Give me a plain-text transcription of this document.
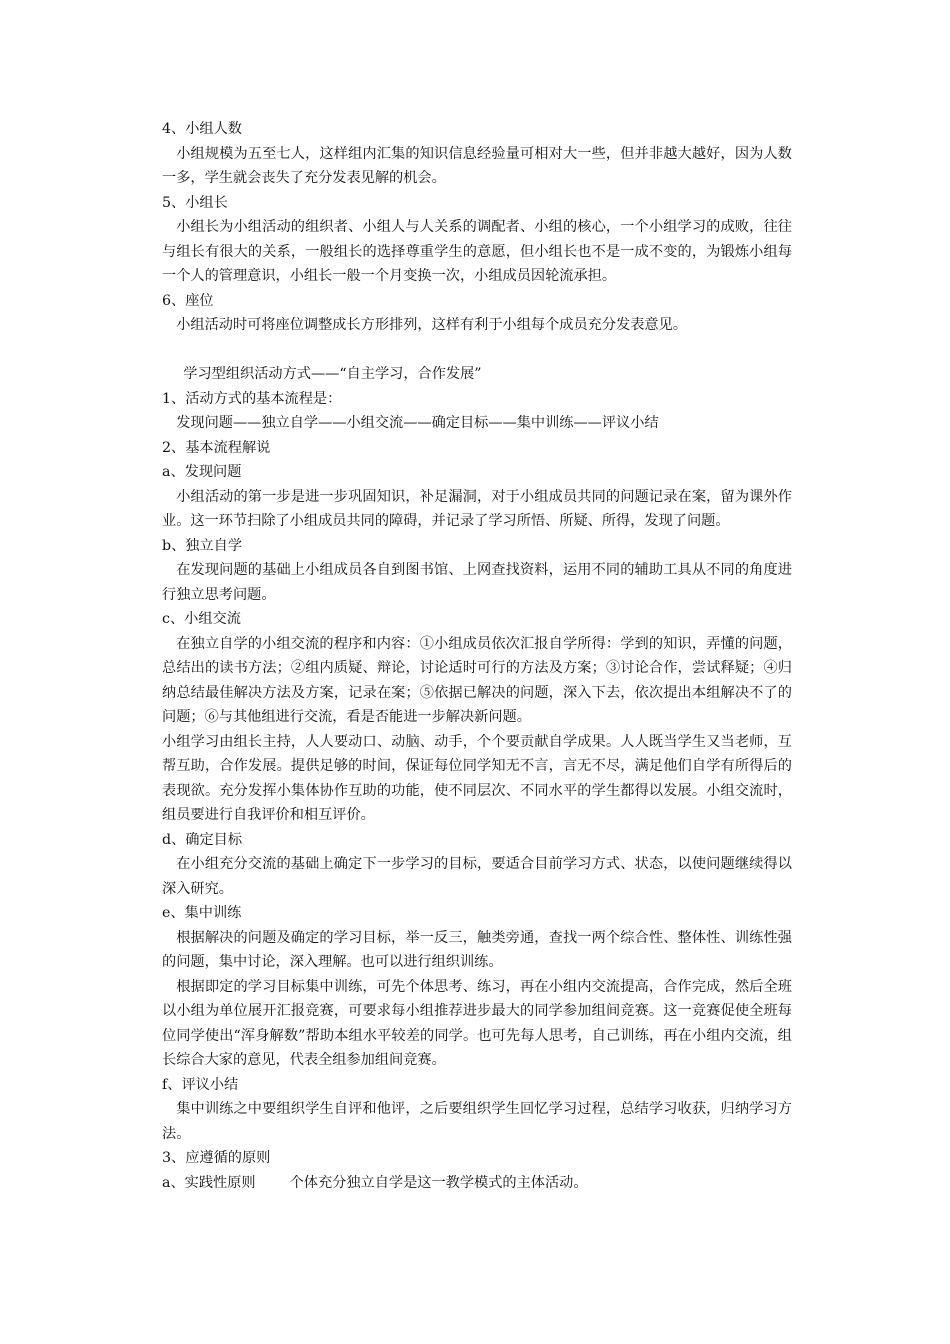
4、小组人数

小组规模为五至七人，这样组内汇集的知识信息经验量可相对大一些，但并非越大越好，因为人数一多，学生就会丧失了充分发表见解的机会。

5、小组长

小组长为小组活动的组织者、小组人与人关系的调配者、小组的核心，一个小组学习的成败，往往与组长有很大的关系，一般组长的选择尊重学生的意愿，但小组长也不是一成不变的，为锻炼小组每一个人的管理意识，小组长一般一个月变换一次，小组成员因轮流承担。

6、座位

小组活动时可将座位调整成长方形排列，这样有利于小组每个成员充分发表意见。

学习型组织活动方式——“自主学习，合作发展”

1、活动方式的基本流程是：

发现问题——独立自学——小组交流——确定目标——集中训练——评议小结

2、基本流程解说

a、发现问题

小组活动的第一步是进一步巩固知识，补足漏洞，对于小组成员共同的问题记录在案，留为课外作业。这一环节扫除了小组成员共同的障碍，并记录了学习所悟、所疑、所得，发现了问题。

b、独立自学

在发现问题的基础上小组成员各自到图书馆、上网查找资料，运用不同的辅助工具从不同的角度进行独立思考问题。

c、小组交流

在独立自学的小组交流的程序和内容：①小组成员依次汇报自学所得：学到的知识，弄懂的问题，总结出的读书方法；②组内质疑、辩论，讨论适时可行的方法及方案；③讨论合作，尝试释疑；④归纳总结最佳解决方法及方案，记录在案；⑤依据已解决的问题，深入下去，依次提出本组解决不了的问题；⑥与其他组进行交流，看是否能进一步解决新问题。

小组学习由组长主持，人人要动口、动脑、动手，个个要贡献自学成果。人人既当学生又当老师，互帮互助，合作发展。提供足够的时间，保证每位同学知无不言，言无不尽，满足他们自学有所得后的表现欲。充分发挥小集体协作互助的功能，使不同层次、不同水平的学生都得以发展。小组交流时，组员要进行自我评价和相互评价。

d、确定目标

在小组充分交流的基础上确定下一步学习的目标，要适合目前学习方式、状态，以使问题继续得以深入研究。

e、集中训练

根据解决的问题及确定的学习目标，举一反三，触类旁通，查找一两个综合性、整体性、训练性强的问题，集中讨论，深入理解。也可以进行组织训练。

根据即定的学习目标集中训练，可先个体思考、练习，再在小组内交流提高，合作完成，然后全班以小组为单位展开汇报竞赛，可要求每小组推荐进步最大的同学参加组间竞赛。这一竞赛促使全班每位同学使出“浑身解数”帮助本组水平较差的同学。也可先每人思考，自己训练，再在小组内交流，组长综合大家的意见，代表全组参加组间竞赛。

f、评议小结

集中训练之中要组织学生自评和他评，之后要组织学生回忆学习过程，总结学习收获，归纳学习方法。

3、应遵循的原则

a、实践性原则 个体充分独立自学是这一教学模式的主体活动。
